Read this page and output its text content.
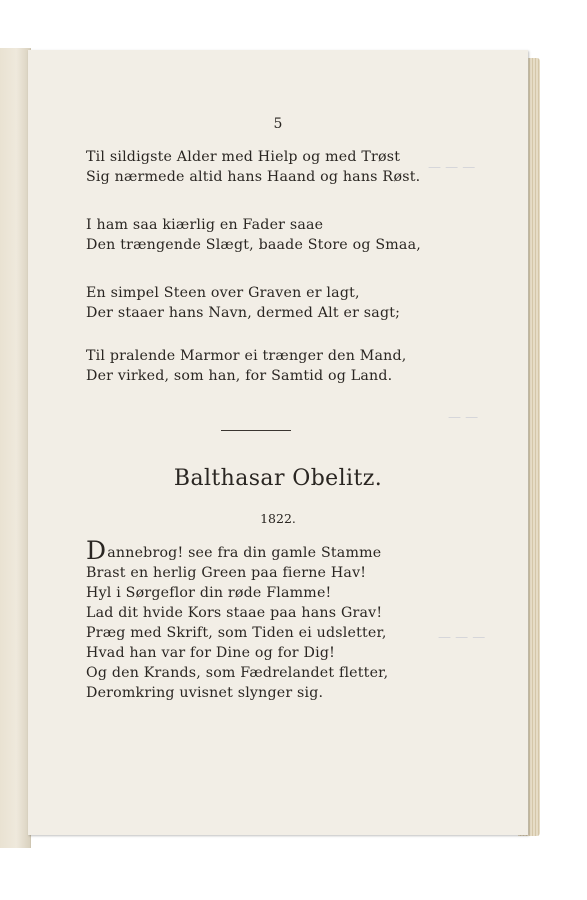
— — —
— —
— — —
5
Til sildigste Alder med Hielp og med Trøst
Sig nærmede altid hans Haand og hans Røst.
I ham saa kiærlig en Fader saae
Den trængende Slægt, baade Store og Smaa,
En simpel Steen over Graven er lagt,
Der staaer hans Navn, dermed Alt er sagt;
Til pralende Marmor ei trænger den Mand,
Der virked, som han, for Samtid og Land.
Balthasar Obelitz.
1822.
Dannebrog! see fra din gamle Stamme
Brast en herlig Green paa fierne Hav!
Hyl i Sørgeflor din røde Flamme!
Lad dit hvide Kors staae paa hans Grav!
Præg med Skrift, som Tiden ei udsletter,
Hvad han var for Dine og for Dig!
Og den Krands, som Fædrelandet fletter,
Deromkring uvisnet slynger sig.
